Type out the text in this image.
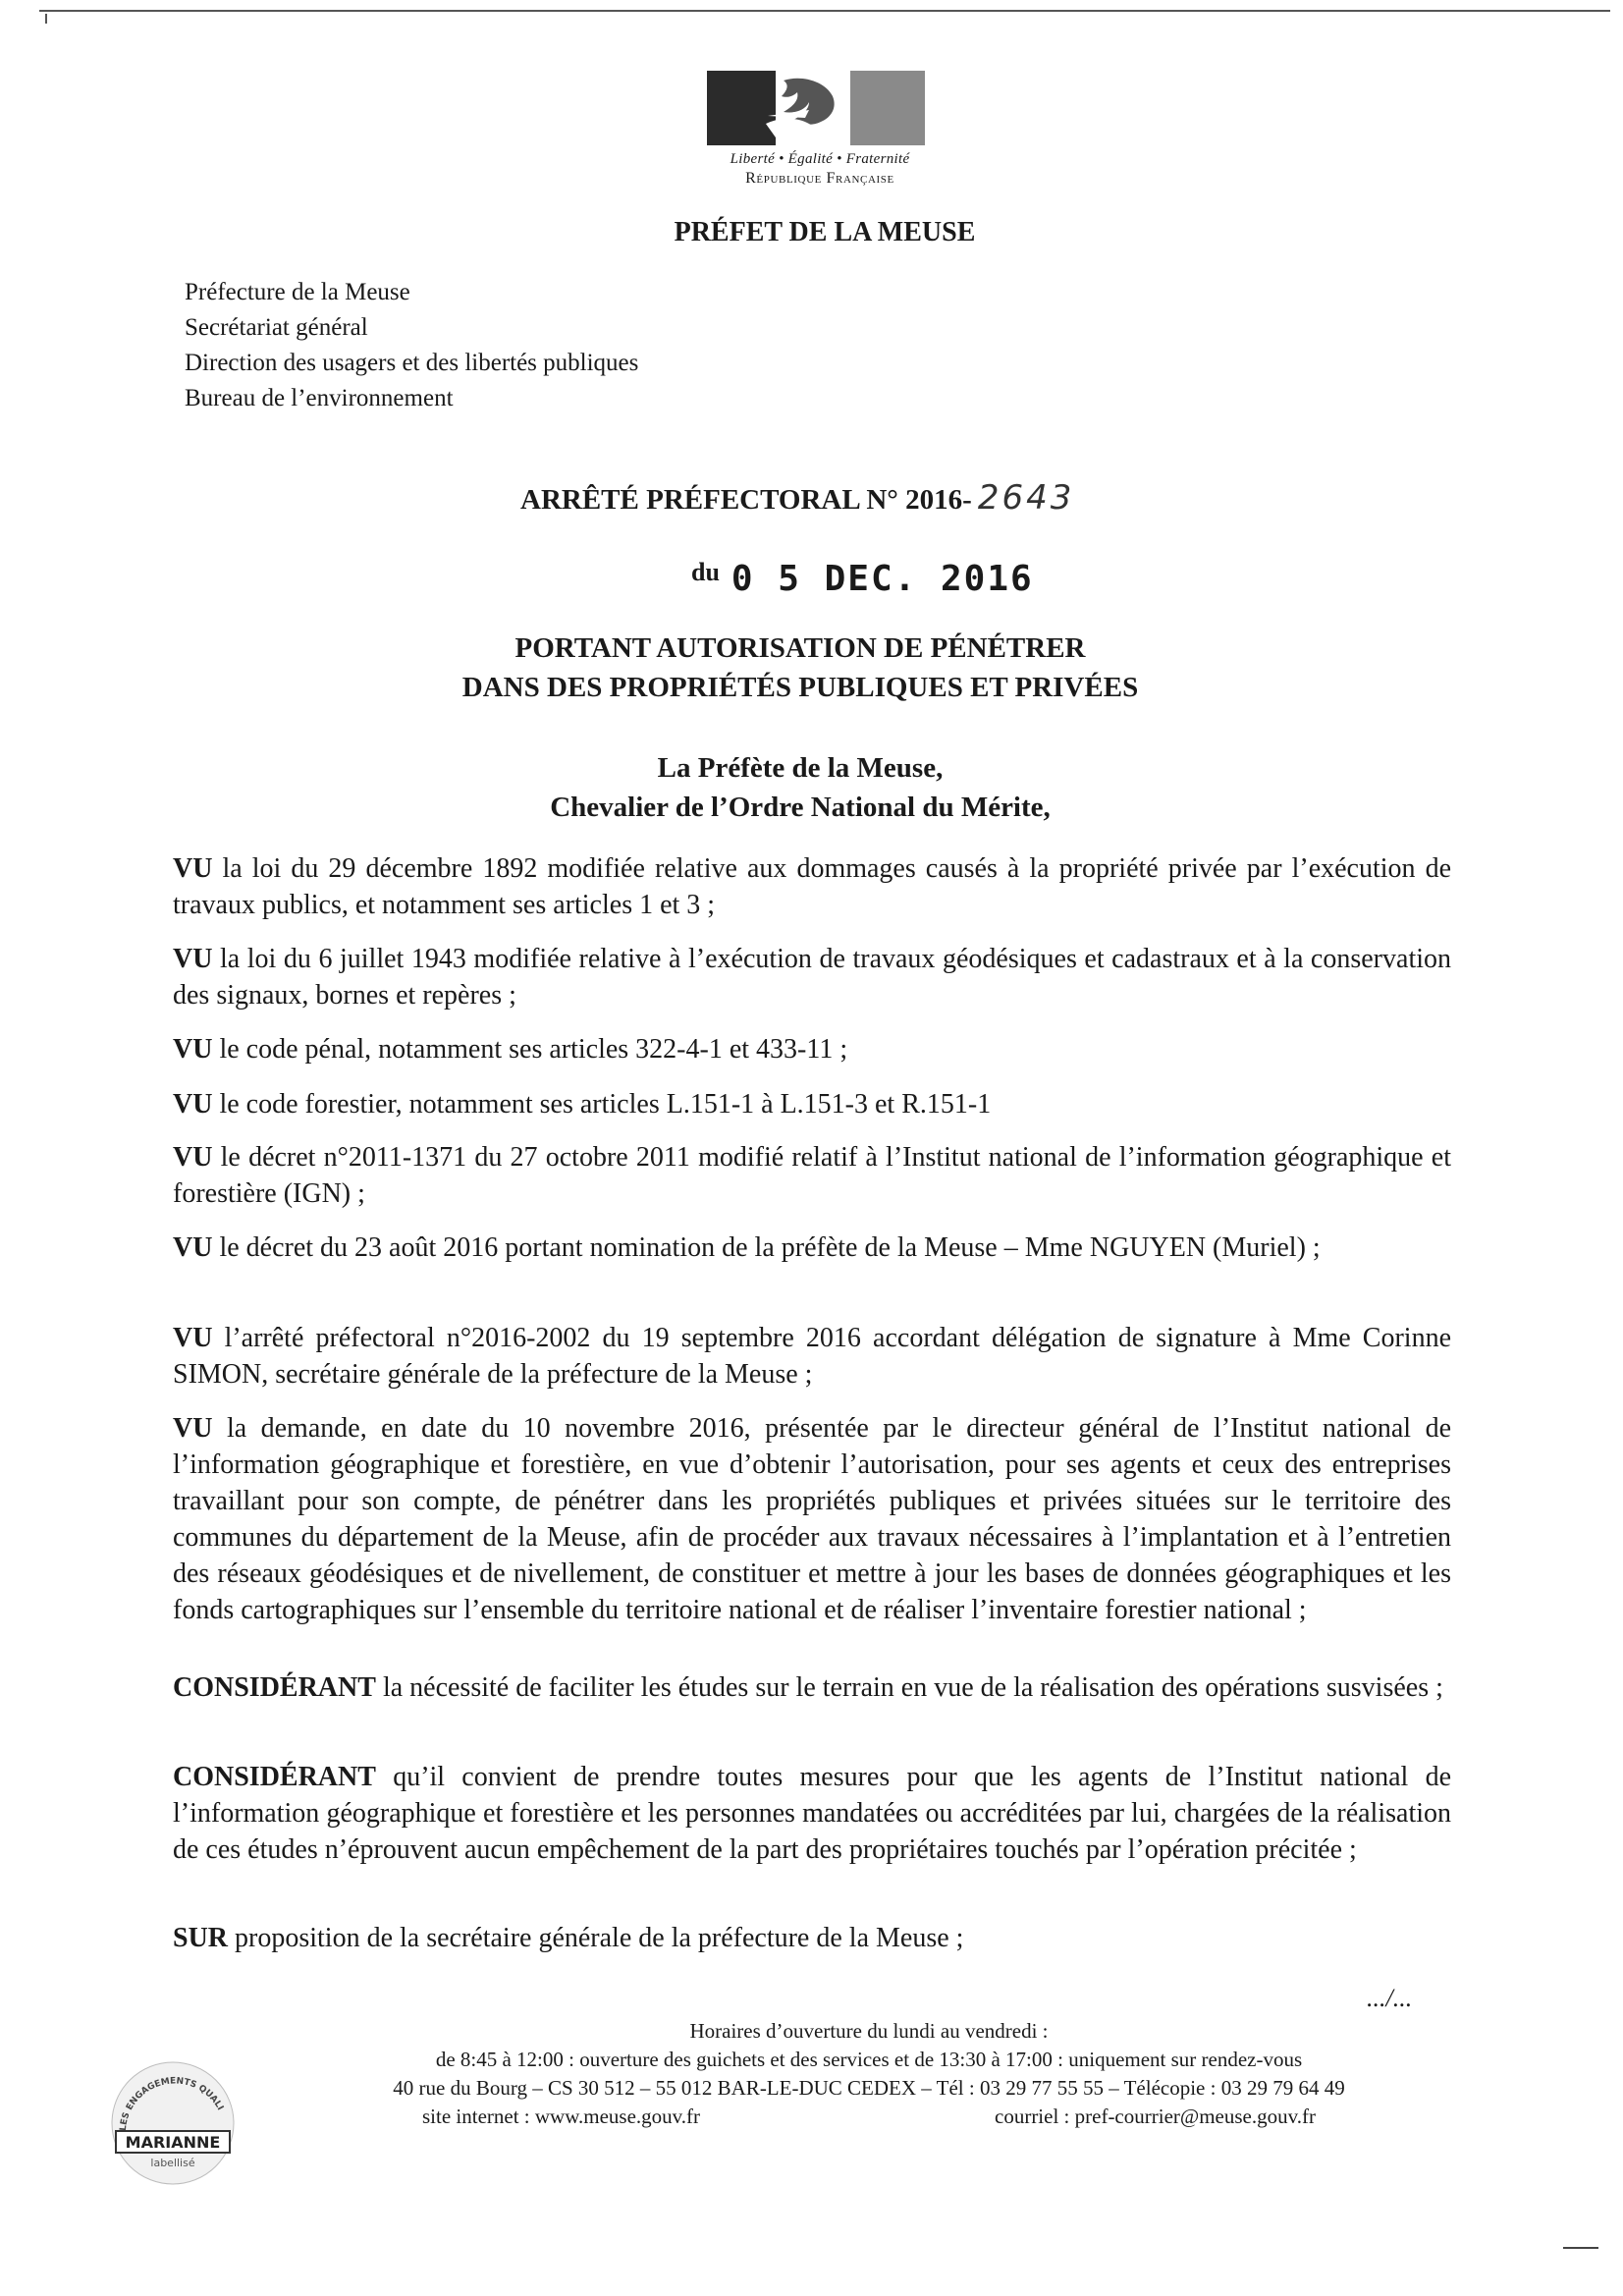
Liberté • Égalité • Fraternité
République Française
PRÉFET DE LA MEUSE
Préfecture de la Meuse
Secrétariat général
Direction des usagers et des libertés publiques
Bureau de l’environnement
ARRÊTÉ PRÉFECTORAL N° 2016- 2643
du 0 5 DEC. 2016
PORTANT AUTORISATION DE PÉNÉTRER
DANS DES PROPRIÉTÉS PUBLIQUES ET PRIVÉES
La Préfète de la Meuse,
Chevalier de l’Ordre National du Mérite,

VU la loi du 29 décembre 1892 modifiée relative aux dommages causés à la propriété privée par l’exécution de travaux publics, et notamment ses articles 1 et 3 ;

VU la loi du 6 juillet 1943 modifiée relative à l’exécution de travaux géodésiques et cadastraux et à la conservation des signaux, bornes et repères ;

VU le code pénal, notamment ses articles 322-4-1 et 433-11 ;

VU le code forestier, notamment ses articles L.151-1 à L.151-3 et R.151-1

VU le décret n°2011-1371 du 27 octobre 2011 modifié relatif à l’Institut national de l’information géographique et forestière (IGN) ;

VU le décret du 23 août 2016 portant nomination de la préfète de la Meuse – Mme NGUYEN (Muriel) ;

VU l’arrêté préfectoral n°2016-2002 du 19 septembre 2016 accordant délégation de signature à Mme Corinne SIMON, secrétaire générale de la préfecture de la Meuse ;

VU la demande, en date du 10 novembre 2016, présentée par le directeur général de l’Institut national de l’information géographique et forestière, en vue d’obtenir l’autorisation, pour ses agents et ceux des entreprises travaillant pour son compte, de pénétrer dans les propriétés publiques et privées situées sur le territoire des communes du département de la Meuse, afin de procéder aux travaux nécessaires à l’implantation et à l’entretien des réseaux géodésiques et de nivellement, de constituer et mettre à jour les bases de données géographiques et les fonds cartographiques sur l’ensemble du territoire national et de réaliser l’inventaire forestier national ;

CONSIDÉRANT la nécessité de faciliter les études sur le terrain en vue de la réalisation des opérations susvisées ;

CONSIDÉRANT qu’il convient de prendre toutes mesures pour que les agents de l’Institut national de l’information géographique et forestière et les personnes mandatées ou accréditées par lui, chargées de la réalisation de ces études n’éprouvent aucun empêchement de la part des propriétaires touchés par l’opération précitée ;

SUR proposition de la secrétaire générale de la préfecture de la Meuse ;

.../...
LES ENGAGEMENTS QUALI
MARIANNE
labellisé
Horaires d’ouverture du lundi au vendredi :
de 8:45 à 12:00 : ouverture des guichets et des services et de 13:30 à 17:00 : uniquement sur rendez-vous
40 rue du Bourg – CS 30 512 – 55 012 BAR-LE-DUC CEDEX – Tél : 03 29 77 55 55 – Télécopie : 03 29 79 64 49
site internet : www.meuse.gouv.fr	courriel : pref-courrier@meuse.gouv.fr
